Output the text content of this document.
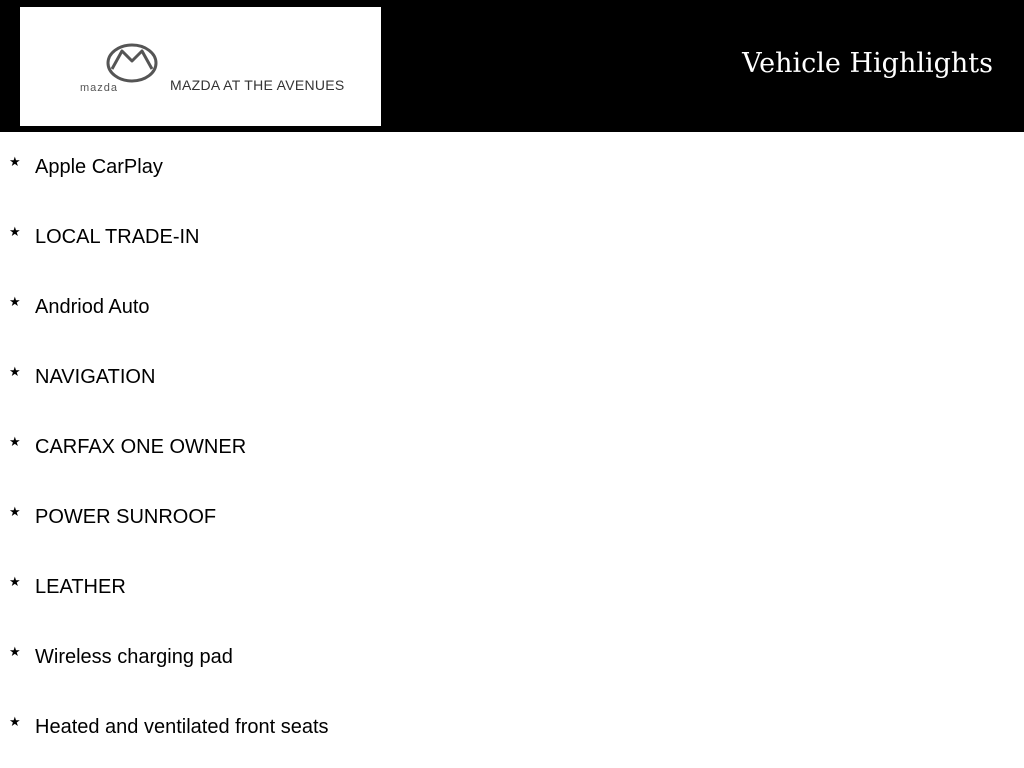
mazda	MAZDA AT THE AVENUES
Vehicle Highlights
★ Apple CarPlay
★ LOCAL TRADE-IN
★ Andriod Auto
★ NAVIGATION
★ CARFAX ONE OWNER
★ POWER SUNROOF
★ LEATHER
★ Wireless charging pad
★ Heated and ventilated front seats
